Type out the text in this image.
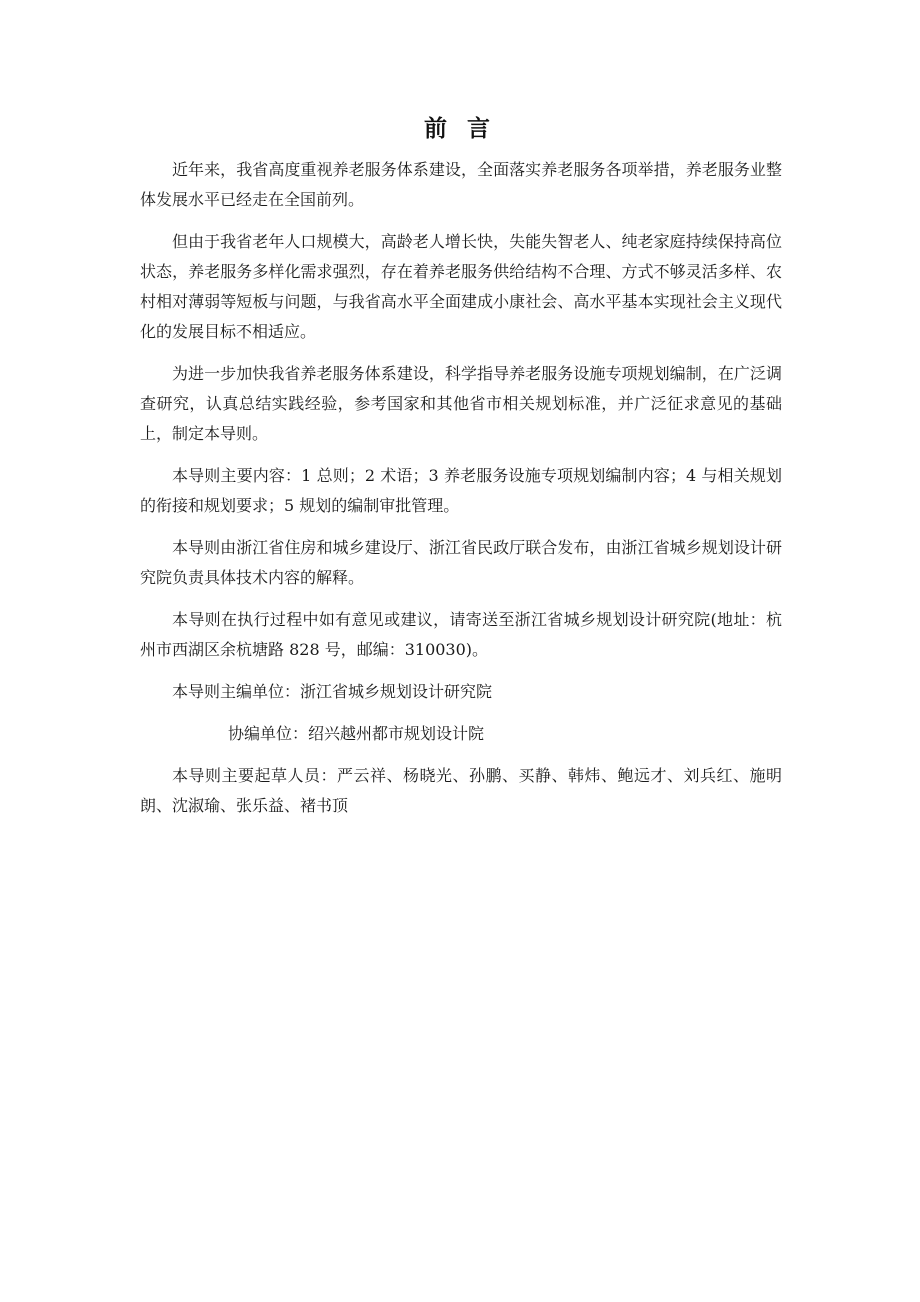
前 言

近年来，我省高度重视养老服务体系建设，全面落实养老服务各项举措，养老服务业整体发展水平已经走在全国前列。

但由于我省老年人口规模大，高龄老人增长快，失能失智老人、纯老家庭持续保持高位状态，养老服务多样化需求强烈，存在着养老服务供给结构不合理、方式不够灵活多样、农村相对薄弱等短板与问题，与我省高水平全面建成小康社会、高水平基本实现社会主义现代化的发展目标不相适应。

为进一步加快我省养老服务体系建设，科学指导养老服务设施专项规划编制，在广泛调查研究，认真总结实践经验，参考国家和其他省市相关规划标准，并广泛征求意见的基础上，制定本导则。

本导则主要内容：1 总则；2 术语；3 养老服务设施专项规划编制内容；4 与相关规划的衔接和规划要求；5 规划的编制审批管理。

本导则由浙江省住房和城乡建设厅、浙江省民政厅联合发布，由浙江省城乡规划设计研究院负责具体技术内容的解释。

本导则在执行过程中如有意见或建议，请寄送至浙江省城乡规划设计研究院(地址：杭州市西湖区余杭塘路 828 号，邮编：310030)。

本导则主编单位：浙江省城乡规划设计研究院

协编单位：绍兴越州都市规划设计院

本导则主要起草人员：严云祥、杨晓光、孙鹏、买静、韩炜、鲍远才、刘兵红、施明朗、沈淑瑜、张乐益、褚书顶
